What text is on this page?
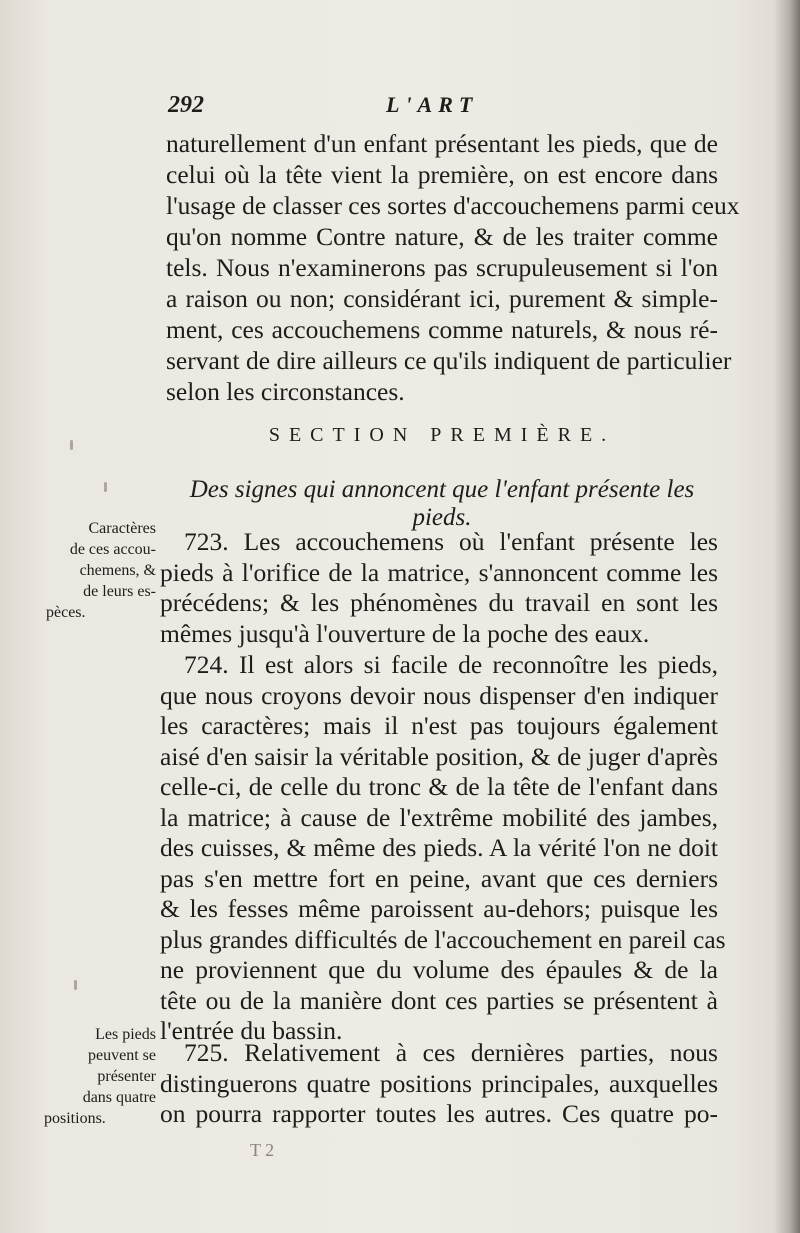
292	L'ART
naturellement d'un enfant présentant les pieds, que de
celui où la tête vient la première, on est encore dans
l'usage de classer ces sortes d'accouchemens parmi ceux
qu'on nomme Contre nature, & de les traiter comme
tels. Nous n'examinerons pas scrupuleusement si l'on
a raison ou non; considérant ici, purement & simple-
ment, ces accouchemens comme naturels, & nous ré-
servant de dire ailleurs ce qu'ils indiquent de particulier
selon les circonstances.
SECTION PREMIÈRE.
Des signes qui annoncent que l'enfant présente les pieds.
Caractères
de ces accou-
chemens, &
de leurs es-
pèces.
723. Les accouchemens où l'enfant présente les
pieds à l'orifice de la matrice, s'annoncent comme les
précédens; & les phénomènes du travail en sont les
mêmes jusqu'à l'ouverture de la poche des eaux.
724. Il est alors si facile de reconnoître les pieds,
que nous croyons devoir nous dispenser d'en indiquer
les caractères; mais il n'est pas toujours également
aisé d'en saisir la véritable position, & de juger d'après
celle-ci, de celle du tronc & de la tête de l'enfant dans
la matrice; à cause de l'extrême mobilité des jambes,
des cuisses, & même des pieds. A la vérité l'on ne doit
pas s'en mettre fort en peine, avant que ces derniers
& les fesses même paroissent au-dehors; puisque les
plus grandes difficultés de l'accouchement en pareil cas
ne proviennent que du volume des épaules & de la
tête ou de la manière dont ces parties se présentent à
l'entrée du bassin.
Les pieds
peuvent se
présenter
dans quatre
positions.
725. Relativement à ces dernières parties, nous
distinguerons quatre positions principales, auxquelles
on pourra rapporter toutes les autres. Ces quatre po-
T 2
